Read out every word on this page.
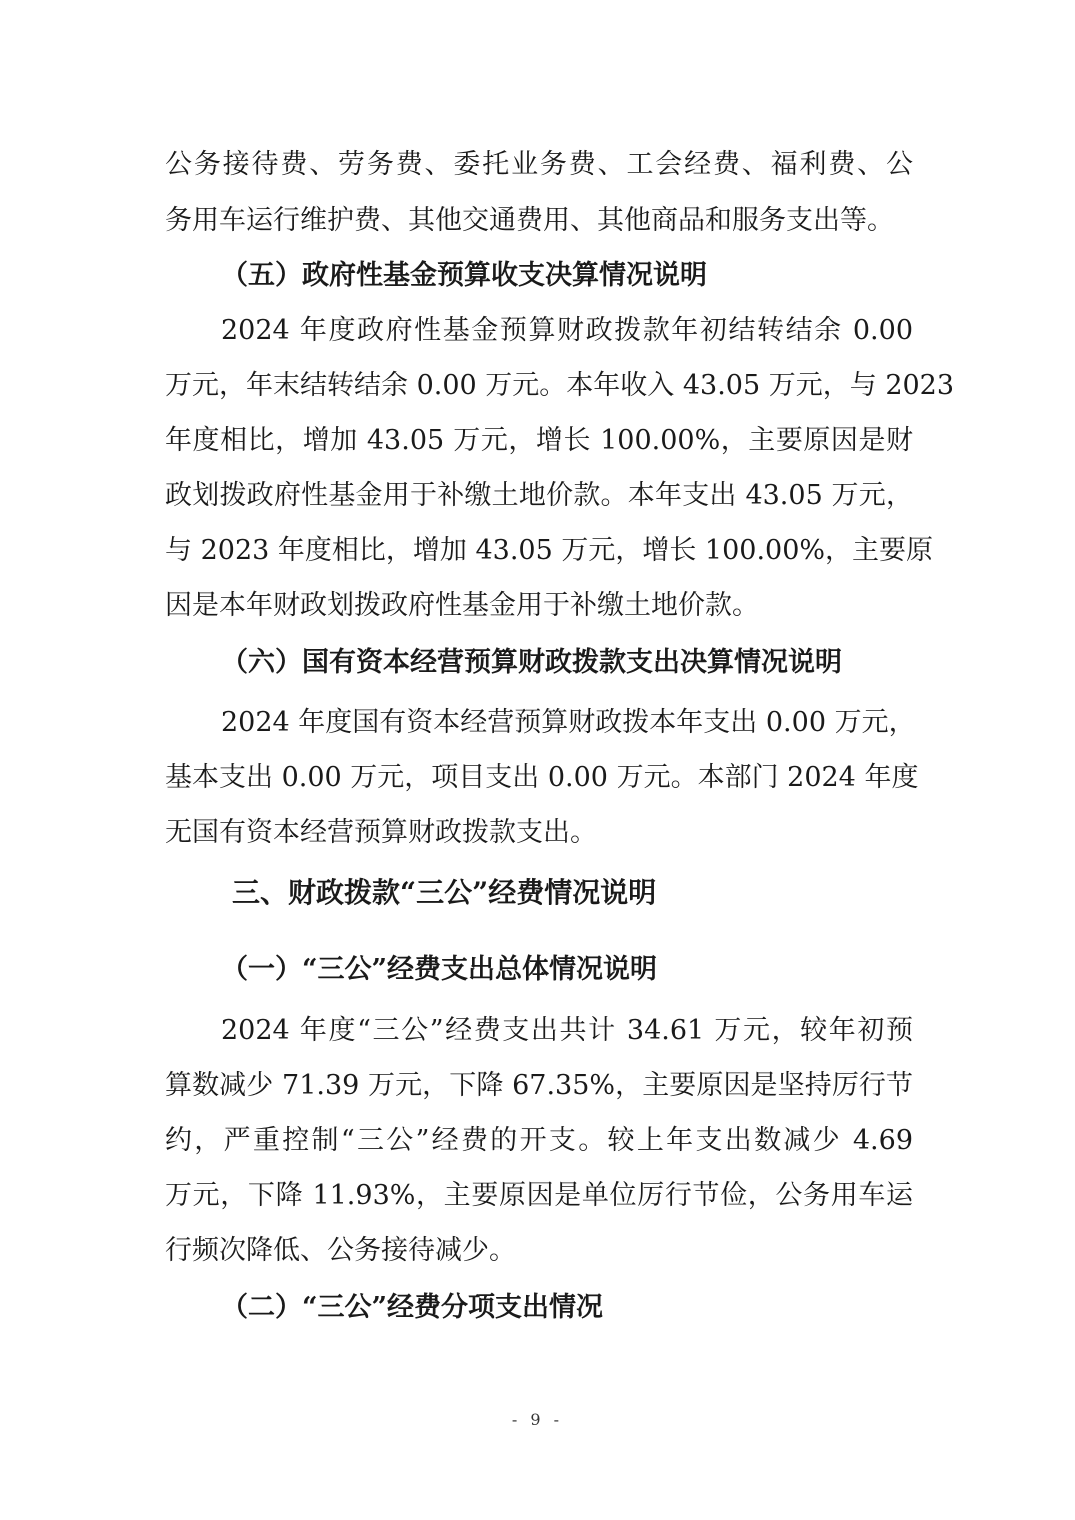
公务接待费、劳务费、委托业务费、工会经费、福利费、公
务用车运行维护费、其他交通费用、其他商品和服务支出等。
（五）政府性基金预算收支决算情况说明
2024 年度政府性基金预算财政拨款年初结转结余 0.00
万元，年末结转结余 0.00 万元。本年收入 43.05 万元，与 2023
年度相比，增加 43.05 万元，增长 100.00%，主要原因是财
政划拨政府性基金用于补缴土地价款。本年支出 43.05 万元，
与 2023 年度相比，增加 43.05 万元，增长 100.00%，主要原
因是本年财政划拨政府性基金用于补缴土地价款。
（六）国有资本经营预算财政拨款支出决算情况说明
2024 年度国有资本经营预算财政拨本年支出 0.00 万元，
基本支出 0.00 万元，项目支出 0.00 万元。本部门 2024 年度
无国有资本经营预算财政拨款支出。
三、财政拨款“三公”经费情况说明
（一）“三公”经费支出总体情况说明
2024 年度“三公”经费支出共计 34.61 万元，较年初预
算数减少 71.39 万元，下降 67.35%，主要原因是坚持厉行节
约，严重控制“三公”经费的开支。较上年支出数减少 4.69
万元，下降 11.93%，主要原因是单位厉行节俭，公务用车运
行频次降低、公务接待减少。
（二）“三公”经费分项支出情况
- 9 -
